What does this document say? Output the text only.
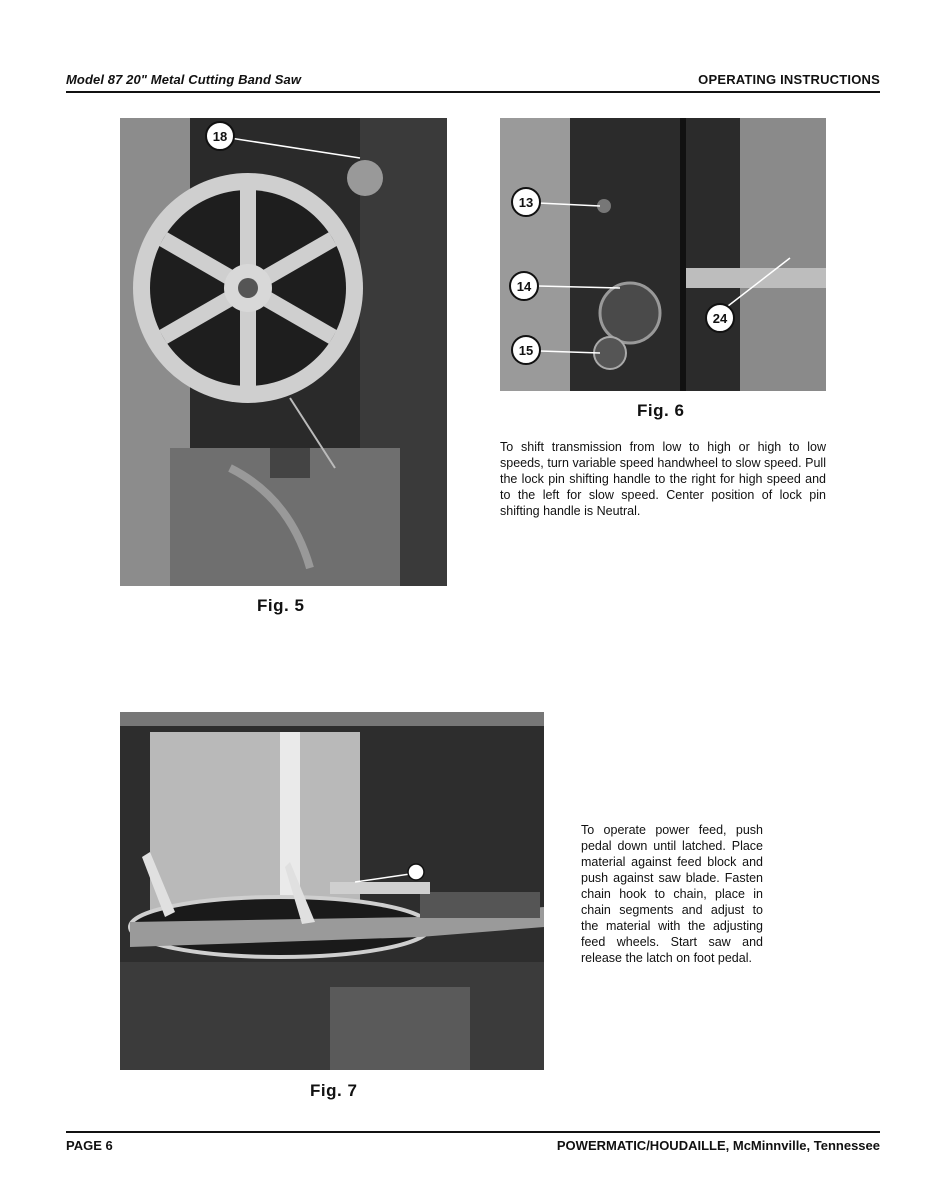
Model 87 20" Metal Cutting Band Saw	OPERATING INSTRUCTIONS
18
Fig. 5
13
14
15
24
Fig. 6

To shift transmission from low to high or high to low speeds, turn variable speed handwheel to slow speed. Pull the lock pin shifting handle to the right for high speed and to the left for slow speed. Center position of lock pin shifting handle is Neutral.

Fig. 7

To operate power feed, push pedal down until latched. Place material against feed block and push against saw blade. Fasten chain hook to chain, place in chain segments and adjust to the material with the adjusting feed wheels. Start saw and release the latch on foot pedal.

PAGE 6	POWERMATIC/HOUDAILLE, McMinnville, Tennessee
